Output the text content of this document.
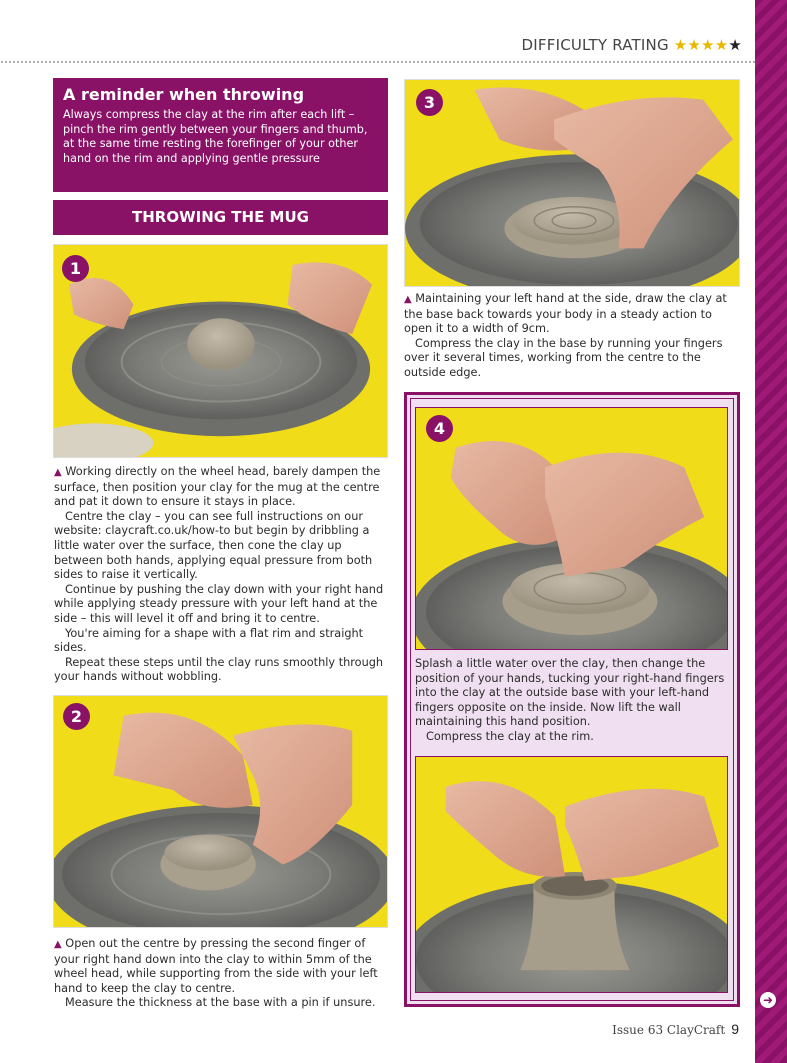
➜
DIFFICULTY RATING ★★★★★
A reminder when throwing

Always compress the clay at the rim after each lift – pinch the rim gently between your fingers and thumb, at the same time resting the forefinger of your other hand on the rim and applying gentle pressure

THROWING THE MUG
1

▲ Working directly on the wheel head, barely dampen the surface, then position your clay for the mug at the centre and pat it down to ensure it stays in place.

Centre the clay – you can see full instructions on our website: claycraft.co.uk/how-to but begin by dribbling a little water over the surface, then cone the clay up between both hands, applying equal pressure from both sides to raise it vertically.

Continue by pushing the clay down with your right hand while applying steady pressure with your left hand at the side – this will level it off and bring it to centre.

You're aiming for a shape with a flat rim and straight sides.

Repeat these steps until the clay runs smoothly through your hands without wobbling.

2

▲ Open out the centre by pressing the second finger of your right hand down into the clay to within 5mm of the wheel head, while supporting from the side with your left hand to keep the clay to centre.

Measure the thickness at the base with a pin if unsure.

3

▲ Maintaining your left hand at the side, draw the clay at the base back towards your body in a steady action to open it to a width of 9cm.

Compress the clay in the base by running your fingers over it several times, working from the centre to the outside edge.

4

Splash a little water over the clay, then change the position of your hands, tucking your right-hand fingers into the clay at the outside base with your left-hand fingers opposite on the inside. Now lift the wall maintaining this hand position.

Compress the clay at the rim.

Issue 63 ClayCraft 9
